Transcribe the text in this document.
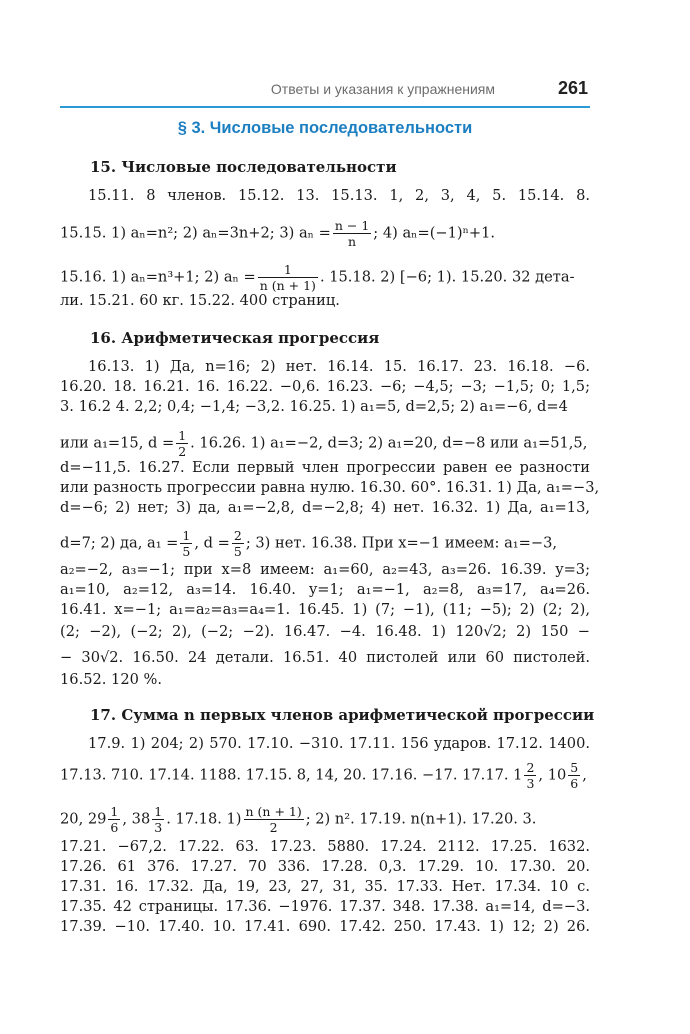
Ответы и указания к упражнениям	261
§ 3. Числовые последовательности
15. Числовые последовательности
15.11. 8 членов. 15.12. 13. 15.13. 1, 2, 3, 4, 5. 15.14. 8.
15.15. 1) aₙ=n²; 2) aₙ=3n+2; 3) $a_n = \frac{n - 1}{n}$ ; 4) aₙ=(−1)ⁿ+1.
15.16. 1) aₙ=n³+1; 2) $a_n = \frac{1}{n (n + 1)}$ . 15.18. 2) [−6; 1). 15.20. 32 дета-
ли. 15.21. 60 кг. 15.22. 400 страниц.
16. Арифметическая прогрессия
16.13. 1) Да, n=16; 2) нет. 16.14. 15. 16.17. 23. 16.18. −6.
16.20. 18. 16.21. 16. 16.22. −0,6. 16.23. −6; −4,5; −3; −1,5; 0; 1,5;
3. 16.2 4. 2,2; 0,4; −1,4; −3,2. 16.25. 1) a₁=5, d=2,5; 2) a₁=−6, d=4
или a₁=15, $d = \frac{1}{2}$ . 16.26. 1) a₁=−2, d=3; 2) a₁=20, d=−8 или a₁=51,5,
d=−11,5. 16.27. Если первый член прогрессии равен ее разности
или разность прогрессии равна нулю. 16.30. 60°. 16.31. 1) Да, a₁=−3,
d=−6; 2) нет; 3) да, a₁=−2,8, d=−2,8; 4) нет. 16.32. 1) Да, a₁=13,
d=7; 2) да, $a_1 = \frac{1}{5}$ , $d = \frac{2}{5}$ ; 3) нет. 16.38. При x=−1 имеем: a₁=−3,
a₂=−2, a₃=−1; при x=8 имеем: a₁=60, a₂=43, a₃=26. 16.39. y=3;
a₁=10, a₂=12, a₃=14. 16.40. y=1; a₁=−1, a₂=8, a₃=17, a₄=26.
16.41. x=−1; a₁=a₂=a₃=a₄=1. 16.45. 1) (7; −1), (11; −5); 2) (2; 2),
(2; −2), (−2; 2), (−2; −2). 16.47. −4. 16.48. 1) 120√2; 2) 150 −
− 30√2. 16.50. 24 детали. 16.51. 40 пистолей или 60 пистолей.
16.52. 120 %.
17. Сумма n первых членов арифметической прогрессии
17.9. 1) 204; 2) 570. 17.10. −310. 17.11. 156 ударов. 17.12. 1400.
17.13. 710. 17.14. 1188. 17.15. 8, 14, 20. 17.16. −17. 17.17. $1 \frac{2}{3}$ , $10 \frac{5}{6}$ ,
20, $29 \frac{1}{6}$ , $38 \frac{1}{3}$ . 17.18. $1) \frac{n (n + 1)}{2}$ ; 2) n². 17.19. n(n+1). 17.20. 3.
17.21. −67,2. 17.22. 63. 17.23. 5880. 17.24. 2112. 17.25. 1632.
17.26. 61 376. 17.27. 70 336. 17.28. 0,3. 17.29. 10. 17.30. 20.
17.31. 16. 17.32. Да, 19, 23, 27, 31, 35. 17.33. Нет. 17.34. 10 с.
17.35. 42 страницы. 17.36. −1976. 17.37. 348. 17.38. a₁=14, d=−3.
17.39. −10. 17.40. 10. 17.41. 690. 17.42. 250. 17.43. 1) 12; 2) 26.
